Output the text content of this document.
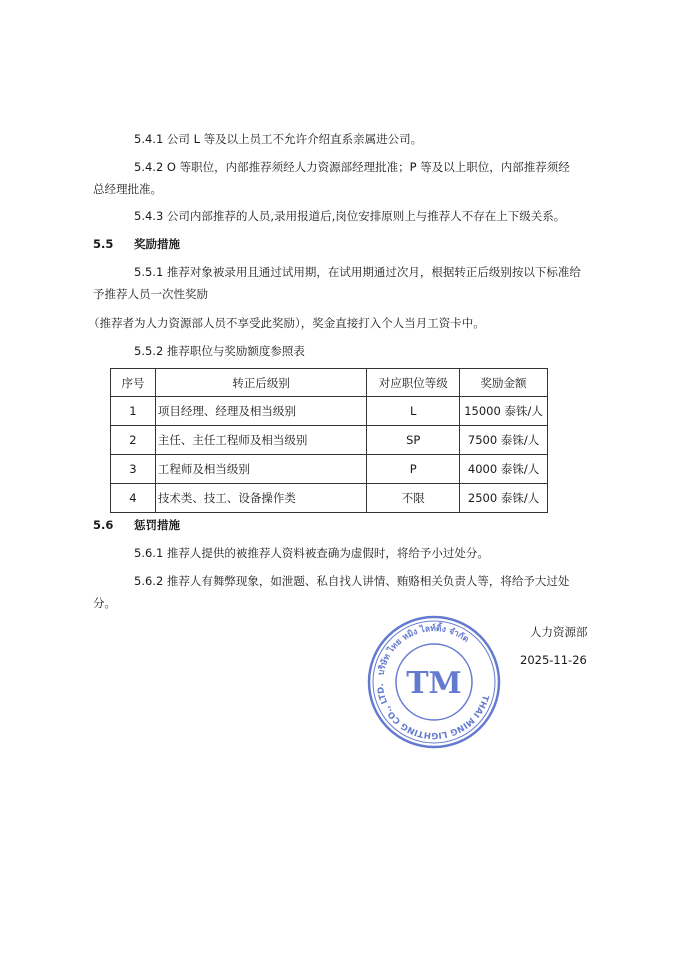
5.4.1 公司 L 等及以上员工不允许介绍直系亲属进公司。
5.4.2 O 等职位，内部推荐须经人力资源部经理批准；P 等及以上职位，内部推荐须经
总经理批准。
5.4.3 公司内部推荐的人员,录用报道后,岗位安排原则上与推荐人不存在上下级关系。
5.5 奖励措施
5.5.1 推荐对象被录用且通过试用期，在试用期通过次月，根据转正后级别按以下标准给
予推荐人员一次性奖励
（推荐者为人力资源部人员不享受此奖励），奖金直接打入个人当月工资卡中。
5.5.2 推荐职位与奖励额度参照表
序号	转正后级别	对应职位等级	奖励金额
1	项目经理、经理及相当级别	L	15000 泰铢/人
2	主任、主任工程师及相当级别	SP	7500 泰铢/人
3	工程师及相当级别	P	4000 泰铢/人
4	技术类、技工、设备操作类	不限	2500 泰铢/人
5.6 惩罚措施
5.6.1 推荐人提供的被推荐人资料被查确为虚假时，将给予小过处分。
5.6.2 推荐人有舞弊现象，如泄题、私自找人讲情、贿赂相关负责人等，将给予大过处
分。
人力资源部
2025-11-26
บริษัท ไทย หมิง ไลท์ติ้ง จำกัด
THAI MING LIGHTING CO., LTD. TM
